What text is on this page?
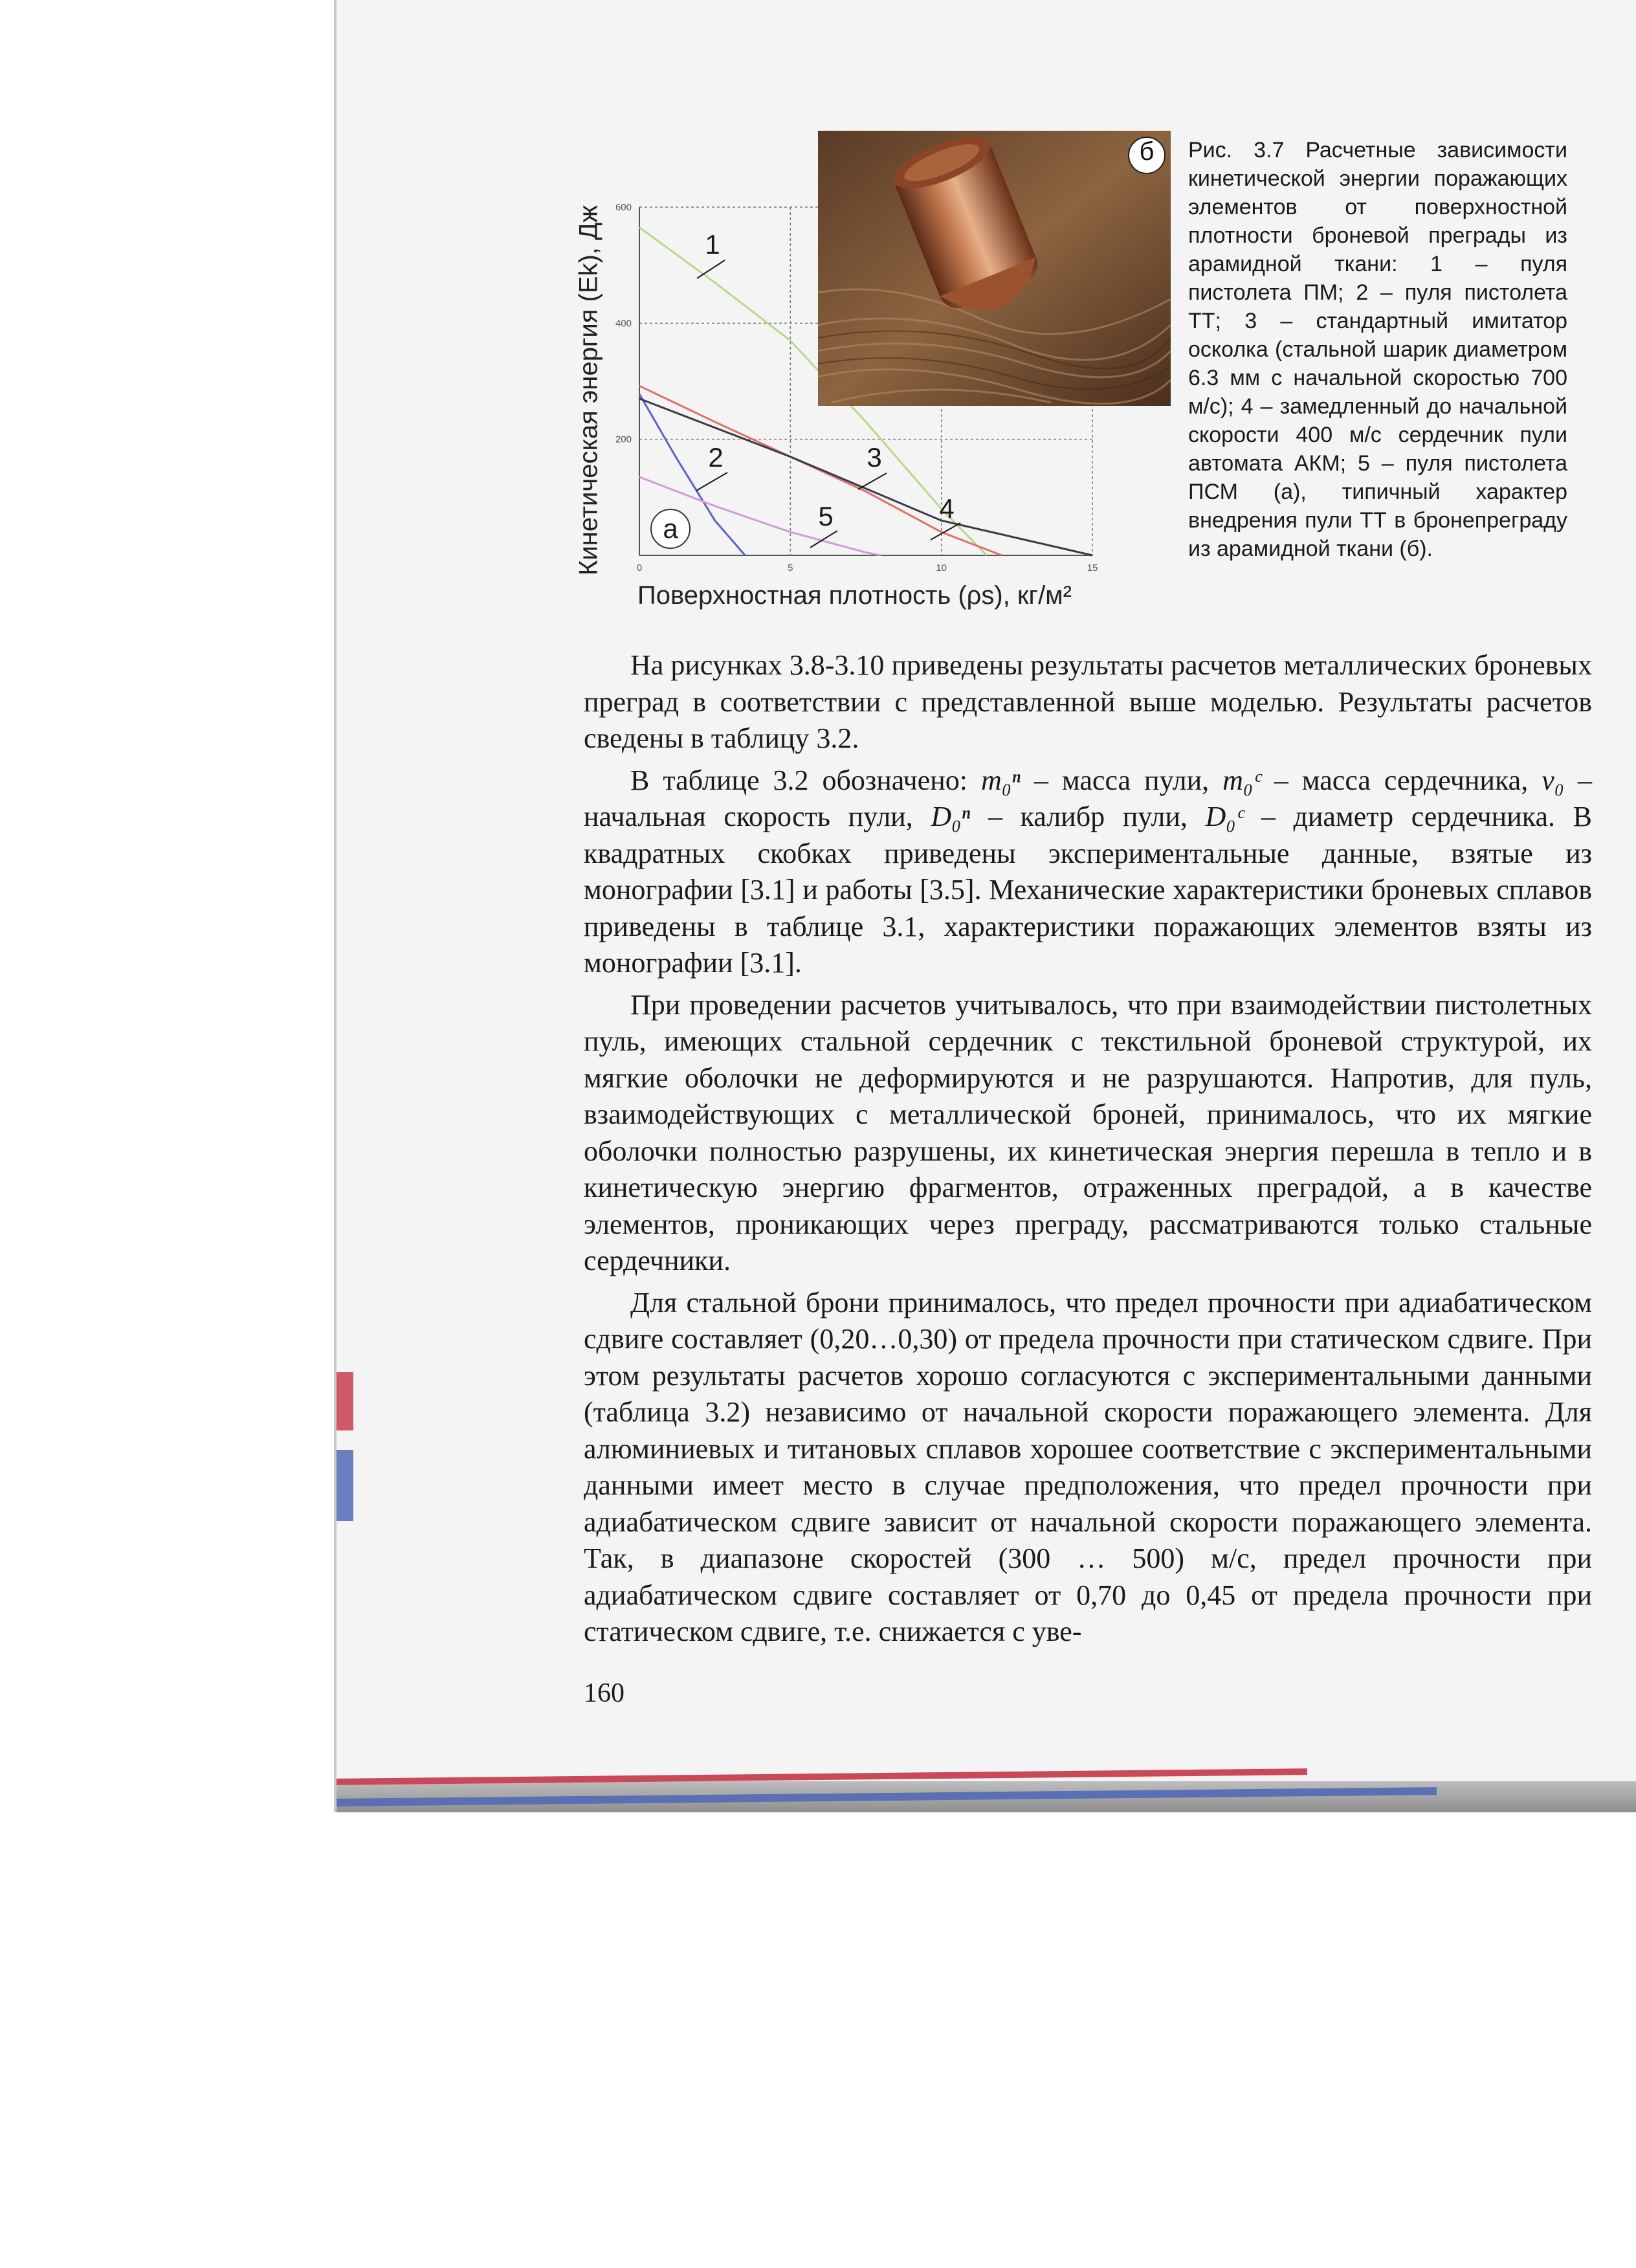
Кинетическая энергия (Ek), Дж	0	5	10	15
200
400
600
1
2	3
4
5
а
Поверхностная плотность (ρs), кг/м²
б	Рис. 3.7 Расчетные зависимости кинетической энергии поражающих элементов от поверхностной плотности броневой преграды из арамидной ткани: 1 – пуля пистолета ПМ; 2 – пуля пистолета ТТ; 3 – стандартный имитатор осколка (стальной шарик диаметром 6.3 мм с начальной скоростью 700 м/с); 4 – замедленный до начальной скорости 400 м/с сердечник пули автомата АКМ; 5 – пуля пистолета ПСМ (а), типичный характер внедрения пули ТТ в бронепреграду из арамидной ткани (б).

На рисунках 3.8-3.10 приведены результаты расчетов металлических броневых преград в соответствии с представленной выше моделью. Результаты расчетов сведены в таблицу 3.2.

В таблице 3.2 обозначено: m₀ⁿ – масса пули, m₀ᶜ – масса сердечника, v₀ – начальная скорость пули, D₀ⁿ – калибр пули, D₀ᶜ – диаметр сердечника. В квадратных скобках приведены экспериментальные данные, взятые из монографии [3.1] и работы [3.5]. Механические характеристики броневых сплавов приведены в таблице 3.1, характеристики поражающих элементов взяты из монографии [3.1].

При проведении расчетов учитывалось, что при взаимодействии пистолетных пуль, имеющих стальной сердечник с текстильной броневой структурой, их мягкие оболочки не деформируются и не разрушаются. Напротив, для пуль, взаимодействующих с металлической броней, принималось, что их мягкие оболочки полностью разрушены, их кинетическая энергия перешла в тепло и в кинетическую энергию фрагментов, отраженных преградой, а в качестве элементов, проникающих через преграду, рассматриваются только стальные сердечники.

Для стальной брони принималось, что предел прочности при адиабатическом сдвиге составляет (0,20…0,30) от предела прочности при статическом сдвиге. При этом результаты расчетов хорошо согласуются с экспериментальными данными (таблица 3.2) независимо от начальной скорости поражающего элемента. Для алюминиевых и титановых сплавов хорошее соответствие с экспериментальными данными имеет место в случае предположения, что предел прочности при адиабатическом сдвиге зависит от начальной скорости поражающего элемента. Так, в диапазоне скоростей (300 … 500) м/с, предел прочности при адиабатическом сдвиге составляет от 0,70 до 0,45 от предела прочности при статическом сдвиге, т.е. снижается с уве-

160
